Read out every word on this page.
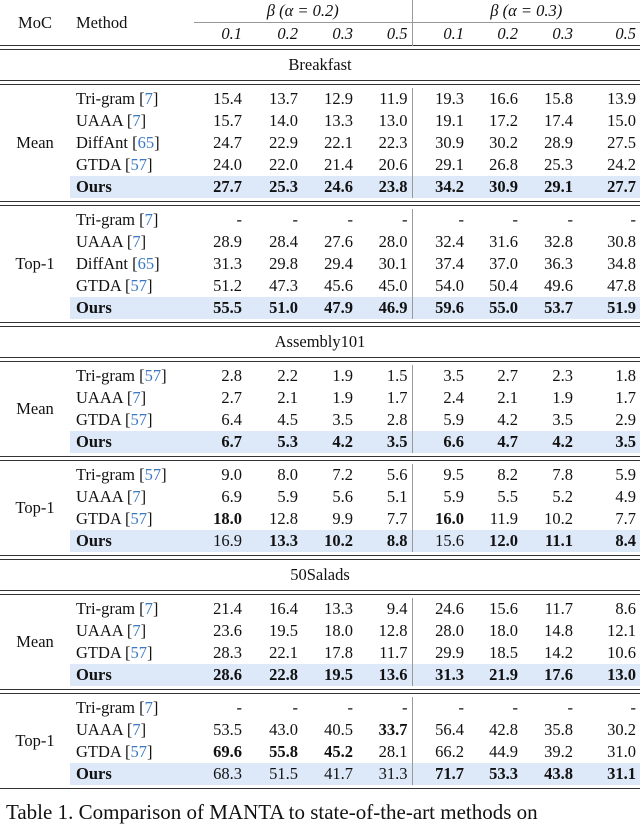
MoC	Method	β (α = 0.2)				β (α = 0.3)			
		0.1	0.2	0.3	0.5	0.1	0.2	0.3	0.5

Breakfast									

Mean	Tri-gram [7]	15.4	13.7	12.9	11.9	19.3	16.6	15.8	13.9
	UAAA [7]	15.7	14.0	13.3	13.0	19.1	17.2	17.4	15.0
	DiffAnt [65]	24.7	22.9	22.1	22.3	30.9	30.2	28.9	27.5
	GTDA [57]	24.0	22.0	21.4	20.6	29.1	26.8	25.3	24.2
	Ours	27.7	25.3	24.6	23.8	34.2	30.9	29.1	27.7

Top-1	Tri-gram [7]	-	-	-	-	-	-	-	-
	UAAA [7]	28.9	28.4	27.6	28.0	32.4	31.6	32.8	30.8
	DiffAnt [65]	31.3	29.8	29.4	30.1	37.4	37.0	36.3	34.8
	GTDA [57]	51.2	47.3	45.6	45.0	54.0	50.4	49.6	47.8
	Ours	55.5	51.0	47.9	46.9	59.6	55.0	53.7	51.9

Assembly101									

Mean	Tri-gram [57]	2.8	2.2	1.9	1.5	3.5	2.7	2.3	1.8
	UAAA [7]	2.7	2.1	1.9	1.7	2.4	2.1	1.9	1.7
	GTDA [57]	6.4	4.5	3.5	2.8	5.9	4.2	3.5	2.9
	Ours	6.7	5.3	4.2	3.5	6.6	4.7	4.2	3.5

Top-1	Tri-gram [57]	9.0	8.0	7.2	5.6	9.5	8.2	7.8	5.9
	UAAA [7]	6.9	5.9	5.6	5.1	5.9	5.5	5.2	4.9
	GTDA [57]	18.0	12.8	9.9	7.7	16.0	11.9	10.2	7.7
	Ours	16.9	13.3	10.2	8.8	15.6	12.0	11.1	8.4

50Salads									

Mean	Tri-gram [7]	21.4	16.4	13.3	9.4	24.6	15.6	11.7	8.6
	UAAA [7]	23.6	19.5	18.0	12.8	28.0	18.0	14.8	12.1
	GTDA [57]	28.3	22.1	17.8	11.7	29.9	18.5	14.2	10.6
	Ours	28.6	22.8	19.5	13.6	31.3	21.9	17.6	13.0

Top-1	Tri-gram [7]	-	-	-	-	-	-	-	-
	UAAA [7]	53.5	43.0	40.5	33.7	56.4	42.8	35.8	30.2
	GTDA [57]	69.6	55.8	45.2	28.1	66.2	44.9	39.2	31.0
	Ours	68.3	51.5	41.7	31.3	71.7	53.3	43.8	31.1

Table 1. Comparison of MANTA to state-of-the-art methods on
